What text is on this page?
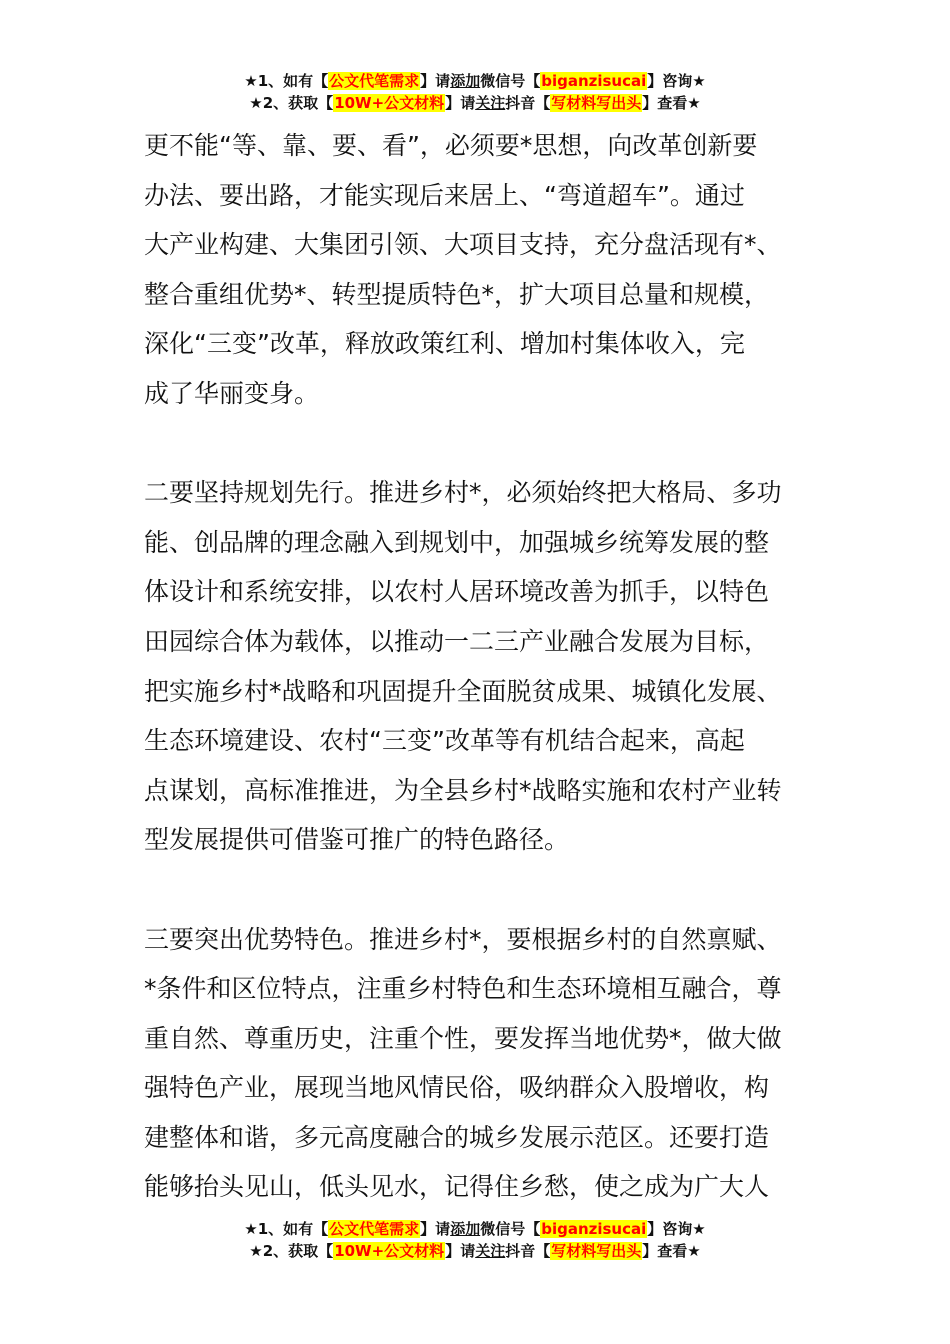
★1、如有【公文代笔需求】请添加微信号【biganzisucai】咨询★
★2、获取【10W+公文材料】请关注抖音【写材料写出头】查看★

更不能“等、靠、要、看”，必须要*思想，向改革创新要

办法、要出路，才能实现后来居上、“弯道超车”。通过

大产业构建、大集团引领、大项目支持，充分盘活现有*、

整合重组优势*、转型提质特色*，扩大项目总量和规模，

深化“三变”改革，释放政策红利、增加村集体收入，完

成了华丽变身。

二要坚持规划先行。推进乡村*，必须始终把大格局、多功

能、创品牌的理念融入到规划中，加强城乡统筹发展的整

体设计和系统安排，以农村人居环境改善为抓手，以特色

田园综合体为载体，以推动一二三产业融合发展为目标，

把实施乡村*战略和巩固提升全面脱贫成果、城镇化发展、

生态环境建设、农村“三变”改革等有机结合起来，高起

点谋划，高标准推进，为全县乡村*战略实施和农村产业转

型发展提供可借鉴可推广的特色路径。

三要突出优势特色。推进乡村*，要根据乡村的自然禀赋、

*条件和区位特点，注重乡村特色和生态环境相互融合，尊

重自然、尊重历史，注重个性，要发挥当地优势*，做大做

强特色产业，展现当地风情民俗，吸纳群众入股增收，构

建整体和谐，多元高度融合的城乡发展示范区。还要打造

能够抬头见山，低头见水，记得住乡愁，使之成为广大人

★1、如有【公文代笔需求】请添加微信号【biganzisucai】咨询★
★2、获取【10W+公文材料】请关注抖音【写材料写出头】查看★
